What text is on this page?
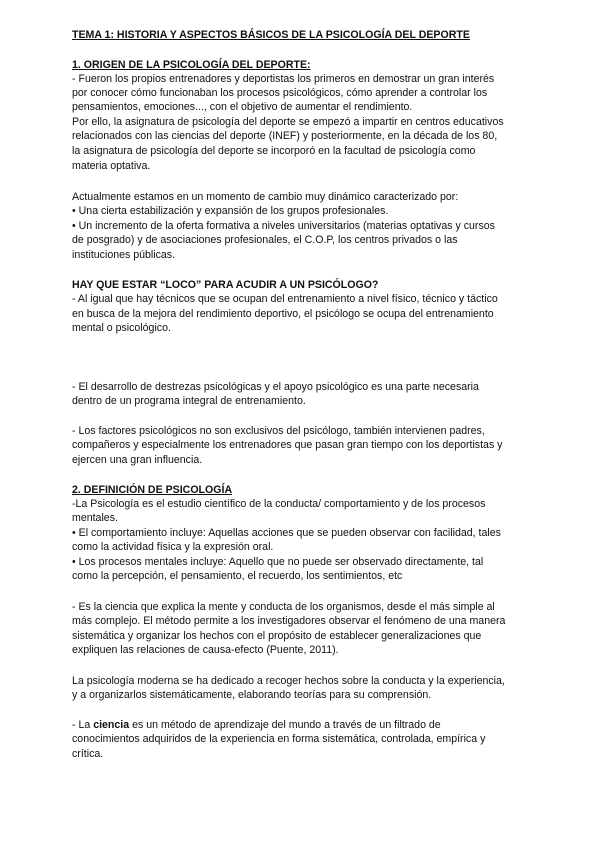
TEMA 1: HISTORIA Y ASPECTOS BÁSICOS DE LA PSICOLOGÍA DEL DEPORTE
1. ORIGEN DE LA PSICOLOGÍA DEL DEPORTE:
- Fueron los propios entrenadores y deportistas los primeros en demostrar un gran interés
por conocer cómo funcionaban los procesos psicológicos, cómo aprender a controlar los
pensamientos, emociones..., con el objetivo de aumentar el rendimiento.
Por ello, la asignatura de psicología del deporte se empezó a impartir en centros educativos
relacionados con las ciencias del deporte (INEF) y posteriormente, en la década de los 80,
la asignatura de psicología del deporte se incorporó en la facultad de psicología como
materia optativa.
Actualmente estamos en un momento de cambio muy dinámico caracterizado por:
• Una cierta estabilización y expansión de los grupos profesionales.
• Un incremento de la oferta formativa a niveles universitarios (materias optativas y cursos
de posgrado) y de asociaciones profesionales, el C.O.P, los centros privados o las
instituciones públicas.
HAY QUE ESTAR “LOCO” PARA ACUDIR A UN PSICÓLOGO?
- Al igual que hay técnicos que se ocupan del entrenamiento a nivel físico, técnico y táctico
en busca de la mejora del rendimiento deportivo, el psicólogo se ocupa del entrenamiento
mental o psicológico.
- El desarrollo de destrezas psicológicas y el apoyo psicológico es una parte necesaria
dentro de un programa integral de entrenamiento.
- Los factores psicológicos no son exclusivos del psicólogo, también intervienen padres,
compañeros y especialmente los entrenadores que pasan gran tiempo con los deportistas y
ejercen una gran influencia.
2. DEFINICIÓN DE PSICOLOGÍA
-La Psicología es el estudio científico de la conducta/ comportamiento y de los procesos
mentales.
• El comportamiento incluye: Aquellas acciones que se pueden observar con facilidad, tales
como la actividad física y la expresión oral.
• Los procesos mentales incluye: Aquello que no puede ser observado directamente, tal
como la percepción, el pensamiento, el recuerdo, los sentimientos, etc
- Es la ciencia que explica la mente y conducta de los organismos, desde el más simple al
más complejo. El método permite a los investigadores observar el fenómeno de una manera
sistemática y organizar los hechos con el propósito de establecer generalizaciones que
expliquen las relaciones de causa-efecto (Puente, 2011).
La psicología moderna se ha dedicado a recoger hechos sobre la conducta y la experiencia,
y a organizarlos sistemáticamente, elaborando teorías para su comprensión.
- La ciencia es un método de aprendizaje del mundo a través de un filtrado de
conocimientos adquiridos de la experiencia en forma sistemática, controlada, empírica y
crítica.
